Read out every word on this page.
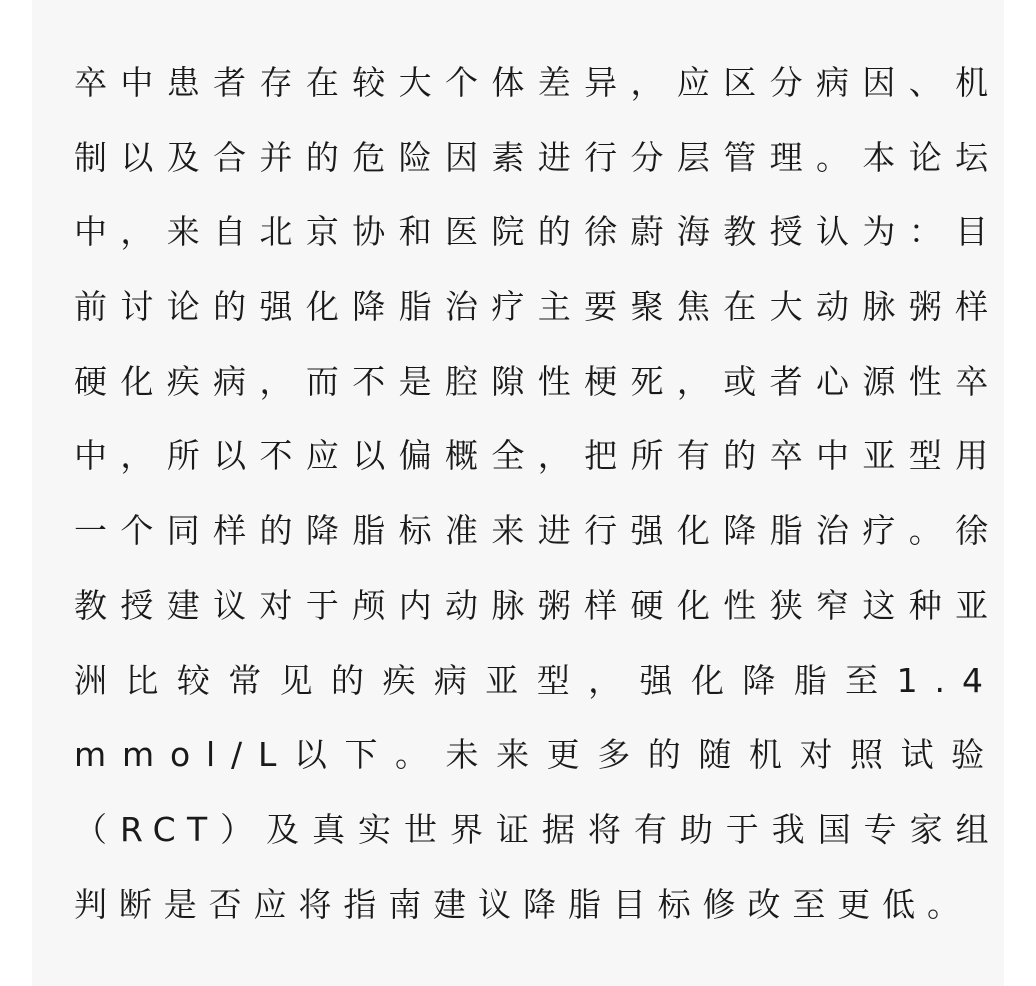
卒中患者存在较大个体差异，应区分病因、机
制以及合并的危险因素进行分层管理。本论坛
中，来自北京协和医院的徐蔚海教授认为：目
前讨论的强化降脂治疗主要聚焦在大动脉粥样
硬化疾病，而不是腔隙性梗死，或者心源性卒
中，所以不应以偏概全，把所有的卒中亚型用
一个同样的降脂标准来进行强化降脂治疗。徐
教授建议对于颅内动脉粥样硬化性狭窄这种亚
洲比较常见的疾病亚型，强化降脂至1.4
mmol/L以下。未来更多的随机对照试验
（RCT）及真实世界证据将有助于我国专家组
判断是否应将指南建议降脂目标修改至更低。
